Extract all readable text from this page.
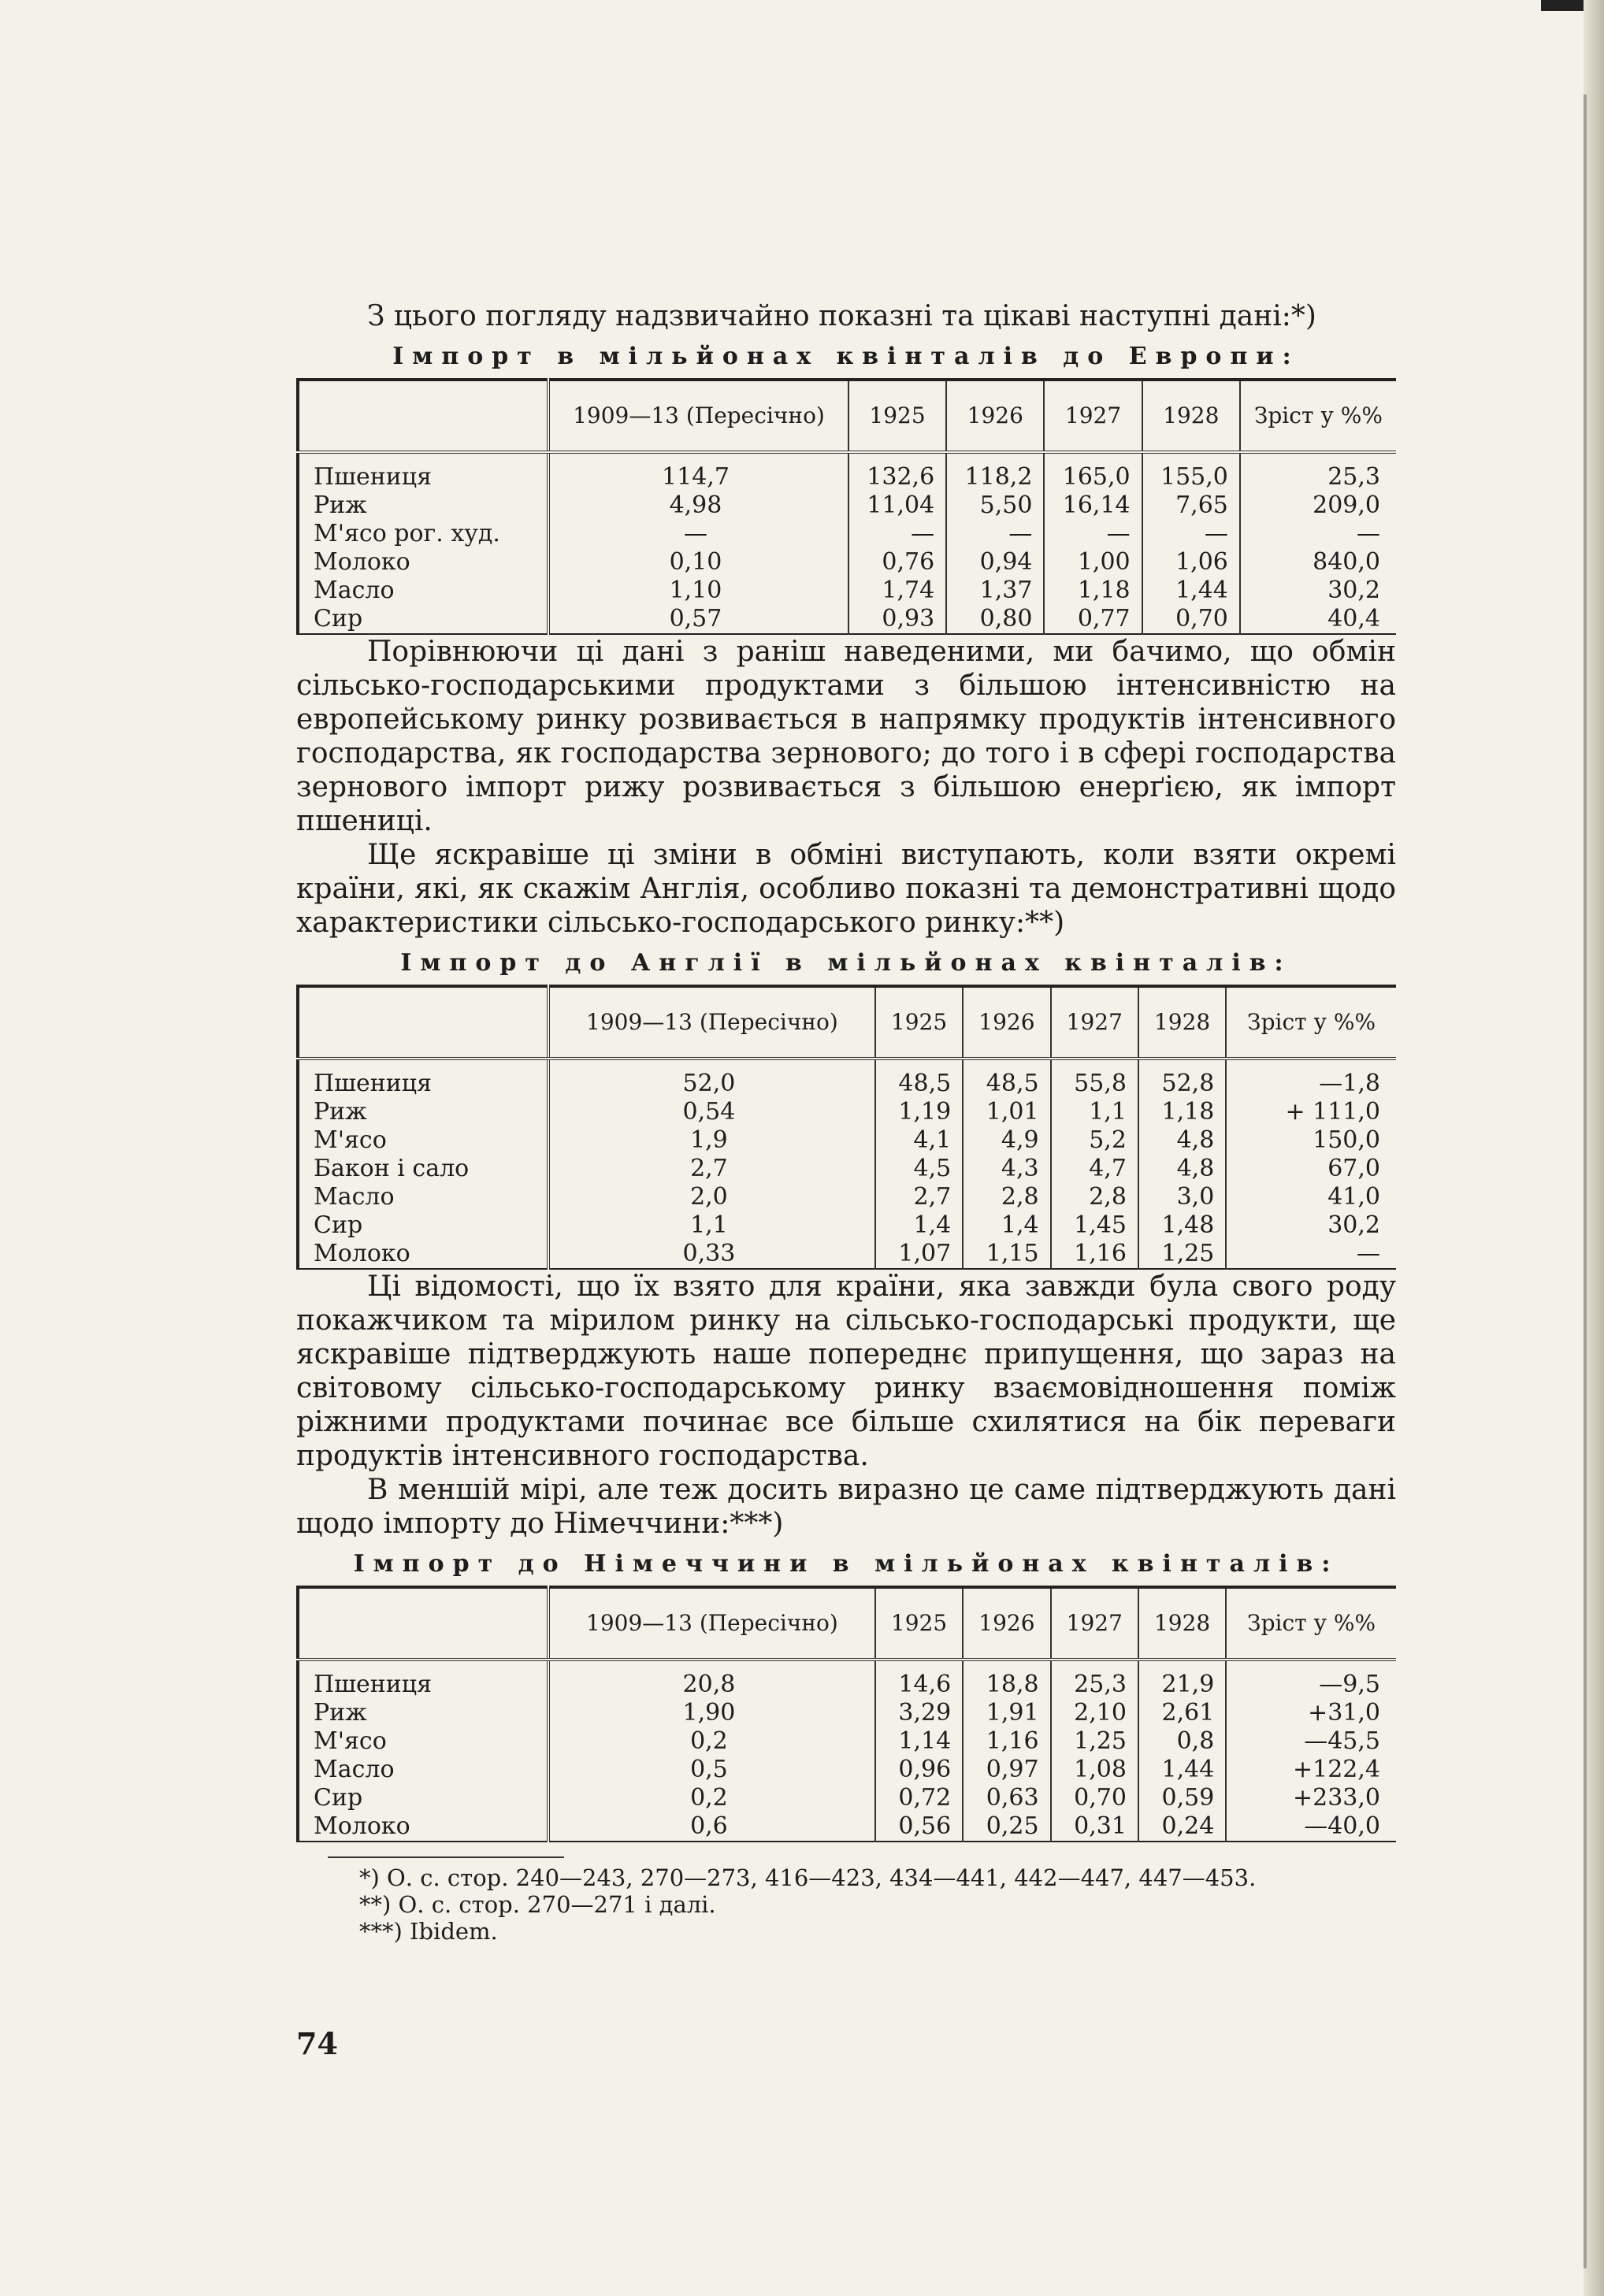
З цього погляду надзвичайно показні та цікаві наступні дані:*)

Імпорт в мільйонах квінталів до Европи:
	1909—13 (Пересічно)	1925	1926	1927	1928	Зріст у %%
Пшениця	114,7	132,6	118,2	165,0	155,0	25,3
Риж	4,98	11,04	5,50	16,14	7,65	209,0
М'ясо рог. худ.	—	—	—	—	—	—
Молоко	0,10	0,76	0,94	1,00	1,06	840,0
Масло	1,10	1,74	1,37	1,18	1,44	30,2
Сир	0,57	0,93	0,80	0,77	0,70	40,4

Порівнюючи ці дані з раніш наведеними, ми бачимо, що обмін сільсько-господарськими продуктами з більшою інтенсивністю на европейському ринку розвивається в напрямку продуктів інтенсивного господарства, як господарства зернового; до того і в сфері господарства зернового імпорт рижу розвивається з більшою енерґією, як імпорт пшениці.

Ще яскравіше ці зміни в обміні виступають, коли взяти окремі країни, які, як скажім Англія, особливо показні та демонстративні щодо характеристики сільсько-господарського ринку:**)

Імпорт до Англії в мільйонах квінталів:
	1909—13 (Пересічно)	1925	1926	1927	1928	Зріст у %%
Пшениця	52,0	48,5	48,5	55,8	52,8	—1,8
Риж	0,54	1,19	1,01	1,1	1,18	+ 111,0
М'ясо	1,9	4,1	4,9	5,2	4,8	150,0
Бакон і сало	2,7	4,5	4,3	4,7	4,8	67,0
Масло	2,0	2,7	2,8	2,8	3,0	41,0
Сир	1,1	1,4	1,4	1,45	1,48	30,2
Молоко	0,33	1,07	1,15	1,16	1,25	—

Ці відомості, що їх взято для країни, яка завжди була свого роду покажчиком та мірилом ринку на сільсько-господарські продукти, ще яскравіше підтверджують наше попереднє припущення, що зараз на світовому сільсько-господарському ринку взаємовідношення поміж ріжними продуктами починає все більше схилятися на бік переваги продуктів інтенсивного господарства.

В меншій мірі, але теж досить виразно це саме підтверджують дані щодо імпорту до Німеччини:***)

Імпорт до Німеччини в мільйонах квінталів:
	1909—13 (Пересічно)	1925	1926	1927	1928	Зріст у %%
Пшениця	20,8	14,6	18,8	25,3	21,9	—9,5
Риж	1,90	3,29	1,91	2,10	2,61	+31,0
М'ясо	0,2	1,14	1,16	1,25	0,8	—45,5
Масло	0,5	0,96	0,97	1,08	1,44	+122,4
Сир	0,2	0,72	0,63	0,70	0,59	+233,0
Молоко	0,6	0,56	0,25	0,31	0,24	—40,0
*) О. с. стор. 240—243, 270—273, 416—423, 434—441, 442—447, 447—453.
**) О. с. стор. 270—271 і далі.
***) Ibidem.
74
